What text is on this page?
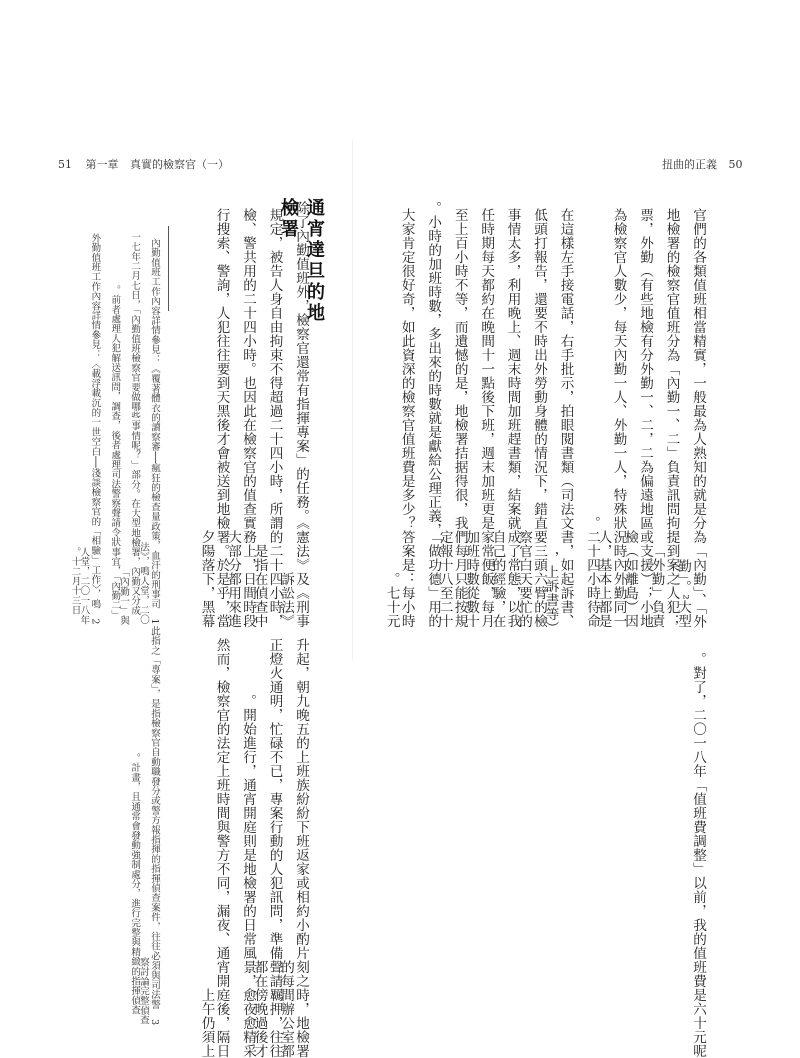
51 第一章 真實的檢察官（一）	扭曲的正義 50
官們的各類值班相當精實，一般最為人熟知的就是分為「內勤」、「外勤」。²大型 地檢署的檢察官值班分為「內勤一、二」負責訊問拘提到案之人犯；「外勤」負責 票，外勤（有些地檢有分外勤一、二，二為偏遠地區或支援）；小地檢（如離島）因 為檢察官人數少，每天內勤一人、外勤一人，特殊狀況時內外勤同一人，基本上都是 二十四小時待命。 在這樣左手接電話，右手批示，拍眼閱書類（司法文書，如起訴書、上訴書等）， 低頭打報告，還要不時出外勞動身體的情況下，錯直要三頭六臂的檢察官白天要忙的 事情太多，利用晚上、週末時間加班趕書類，結案就成了常態，以我自己的經驗，在 任時期每天都約在晚間十一點後下班，週末加班更是家常便飯，每月加班時數從數十 至上百小時不等，而遺憾的是，地檢署拮据得很，我們每月只能按規定報十八至二十 小時的加班時數，多出來的時數就是獻給公理正義，「做功德」用的。 大家肯定很好奇，如此資深的檢察官值班費是多少？答案是：每小時七十元。 對了，二〇一八年「值班費調整」以前，我的值班費是六十元呢。
通宵達旦的地檢署
除了內勤值班外，檢察官還常有指揮專案」的任務。《憲法》及《刑事訴訟法》 規定，被告人身自由拘束不得超過二十四小時，所謂的二十四小時，是指在偵查中 檢、警共用的二十四小時。也因此在檢察官的值查實務上，日間時段大部分都用來進 行搜索、警詢，人犯往往要到天黑後才會被送到地檢署。於是乎，當夕陽落下，黑幕 升起，朝九晚五的上班族紛紛下班返家或相約小酌片刻之時，地檢署的每間辦公室都 正燈火通明，忙碌不已，專案行動的人犯訊問，準備聲請羈押，往往都在傍晚過後才 開始進行，通宵開庭則是地檢署的日常風景，愈夜愈精采。 然而，檢察官的法定上班時間與警方不同，漏夜、通宵開庭後，隔日上午仍須上
1　內勤值班工作內容詳情參見：《覆著體衣的讀察審──瘋狂的檢查量政策，血汗的刑事司法》，鳴人堂，二〇 　一七年二月七日，「內勤值班檢察官要做哪些事情呢？」部分。在大型地檢署，內勤又分成「內勤一」與 　「內勤二」，前者處理人犯解送訊問，調查，後者處理司法警察聲請令狀事宜。 2　外勤值班工作內容詳情參見：〈載浮載沉的一世空白──淺談檢察官的「相驗」工作〉，鳴人堂，二〇一八年 　十二月十三日。 3　此指之「專案」，是指檢察官自動職發分或警方報指揮的指揮偵查案件，往往必須與司法警察討論完整偵查 　計畫，且通常會發動強制處分，進行完整與精緻的指揮偵查。
